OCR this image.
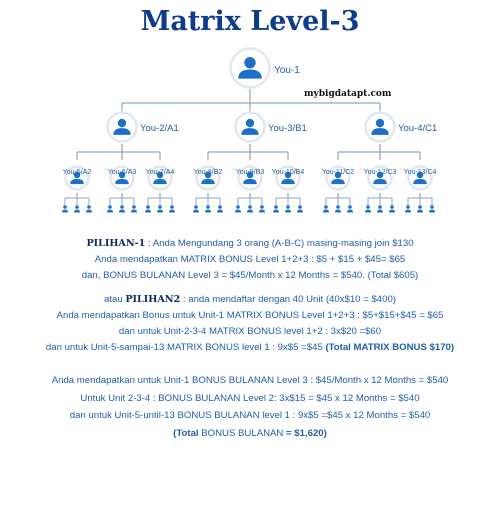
Matrix Level-3
You-1
You-2/A1	You-3/B1	You-4/C1
You-5/A2 You-6/A3 You-7/A4	You-8/B2 You-9/B3 You-10/B4	You-11/C2 You-12/C3 You-13/C4
mybigdatapt.com
PILIHAN-1 : Anda Mengundang 3 orang (A-B-C) masing-masing join $130
Anda mendapatkan MATRIX BONUS Level 1+2+3 : $5 + $15 + $45= $65
dan, BONUS BULANAN Level 3 = $45/Month x 12 Months = $540. (Total $605)
atau PILIHAN2 : anda mendaftar dengan 40 Unit (40x$10 = $400)
Anda mendapatkan Bonus untuk Unit-1 MATRIX BONUS Level 1+2+3 : $5+$15+$45 = $65
dan untuk Unit-2-3-4 MATRIX BONUS level 1+2 : 3x$20 =$60
dan untuk Unit-5-sampai-13 MATRIX BONUS level 1 : 9x$5 =$45 (Total MATRIX BONUS $170)
Anda mendapatkan untuk Unit-1 BONUS BULANAN Level 3 : $45/Month x 12 Months = $540
Untuk Unit 2-3-4 : BONUS BULANAN Level 2: 3x$15 = $45 x 12 Months = $540
dan untuk Unit-5-until-13 BONUS BULANAN level 1 : 9x$5 =$45 x 12 Months = $540
(Total BONUS BULANAN = $1,620)
